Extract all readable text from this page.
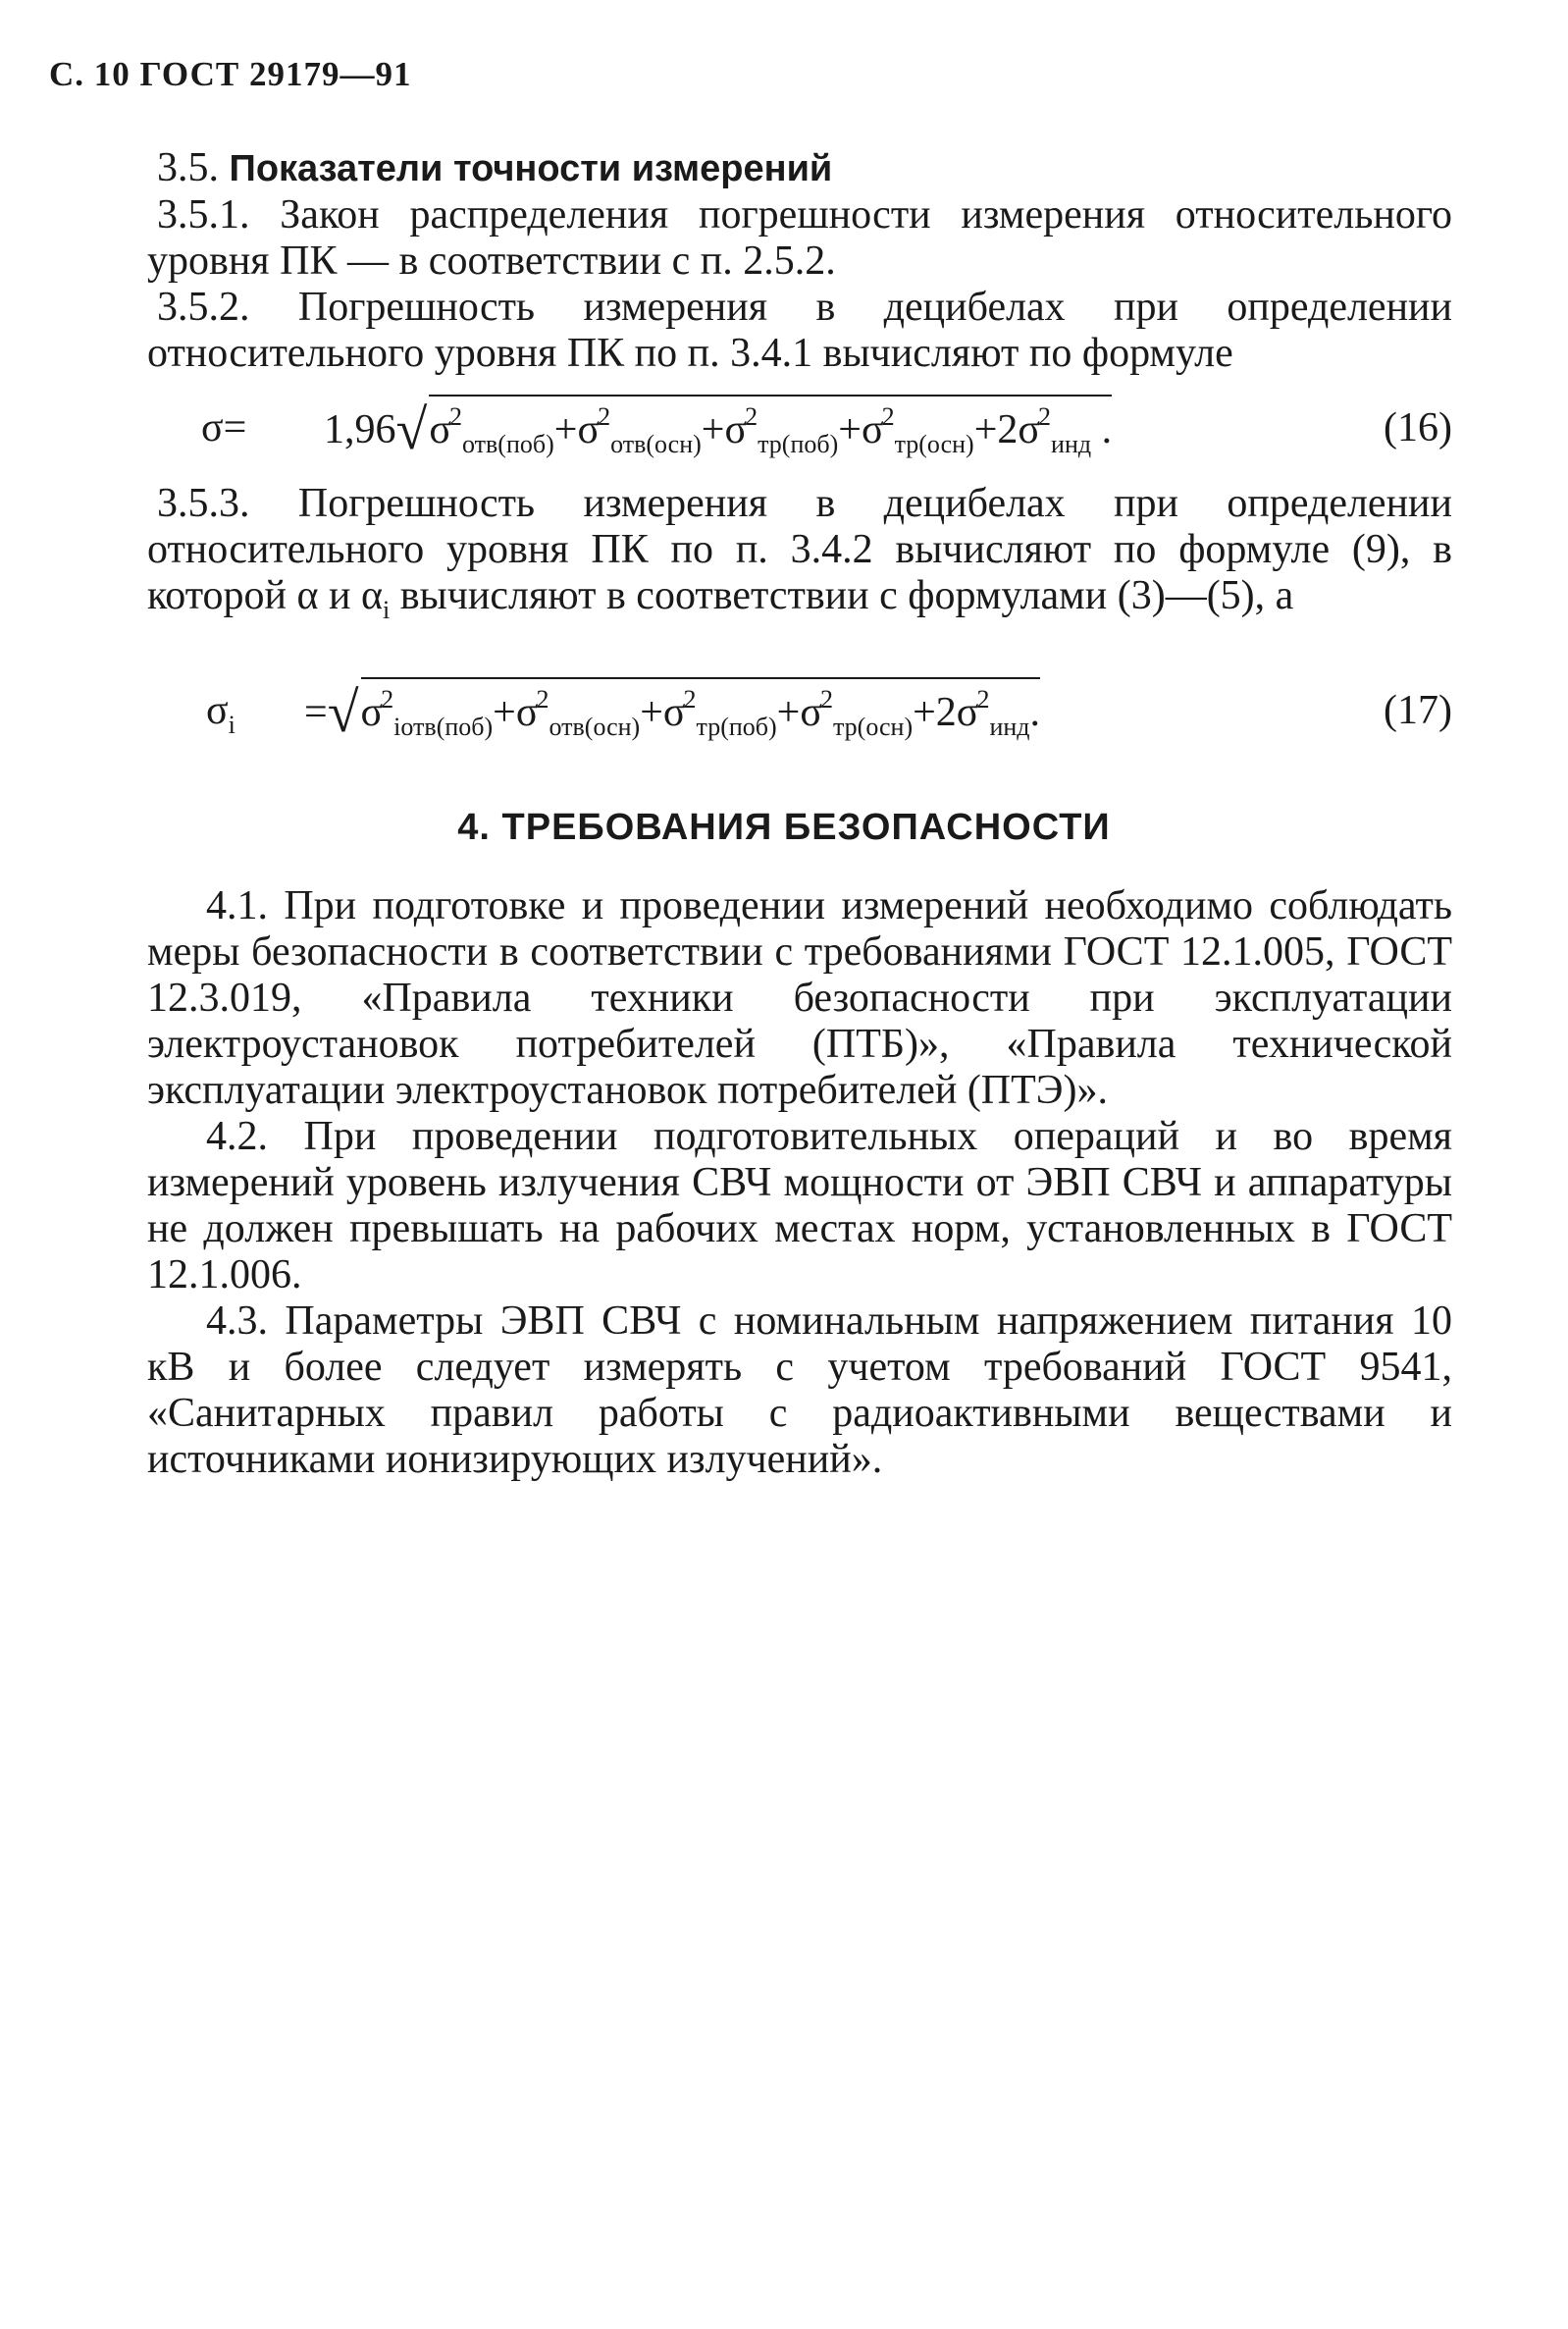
С. 10 ГОСТ 29179—91

3.5. Показатели точности измерений

3.5.1. Закон распределения погрешности измерения относительного уровня ПК — в соответствии с п. 2.5.2.

3.5.2. Погрешность измерения в децибелах при определении относительного уровня ПК по п. 3.4.1 вычисляют по формуле

$\sigma= 1,96√\sigma^2_{отв(поб)}+\sigma^2_{отв(осн)}+\sigma^2_{тр(поб)}+\sigma^2_{тр(осн)}+2\sigma^2_{инд}$ .	(16)

3.5.3. Погрешность измерения в децибелах при определении относительного уровня ПК по п. 3.4.2 вычисляют по формуле (9), в которой α и $\alpha_i$ вычисляют в соответствии с формулами (3)—(5), а

$\sigma_i =√\sigma^2_{iотв(поб)}+\sigma^2_{отв(осн)}+\sigma^2_{тр(поб)}+\sigma^2_{тр(осн)}+2\sigma^2_{инд}$.	(17)
4. ТРЕБОВАНИЯ БЕЗОПАСНОСТИ

4.1. При подготовке и проведении измерений необходимо соблюдать меры безопасности в соответствии с требованиями ГОСТ 12.1.005, ГОСТ 12.3.019, «Правила техники безопасности при эксплуатации электроустановок потребителей (ПТБ)», «Правила технической эксплуатации электроустановок потребителей (ПТЭ)».

4.2. При проведении подготовительных операций и во время измерений уровень излучения СВЧ мощности от ЭВП СВЧ и аппаратуры не должен превышать на рабочих местах норм, установленных в ГОСТ 12.1.006.

4.3. Параметры ЭВП СВЧ с номинальным напряжением питания 10 кВ и более следует измерять с учетом требований ГОСТ 9541, «Санитарных правил работы с радиоактивными веществами и источниками ионизирующих излучений».
